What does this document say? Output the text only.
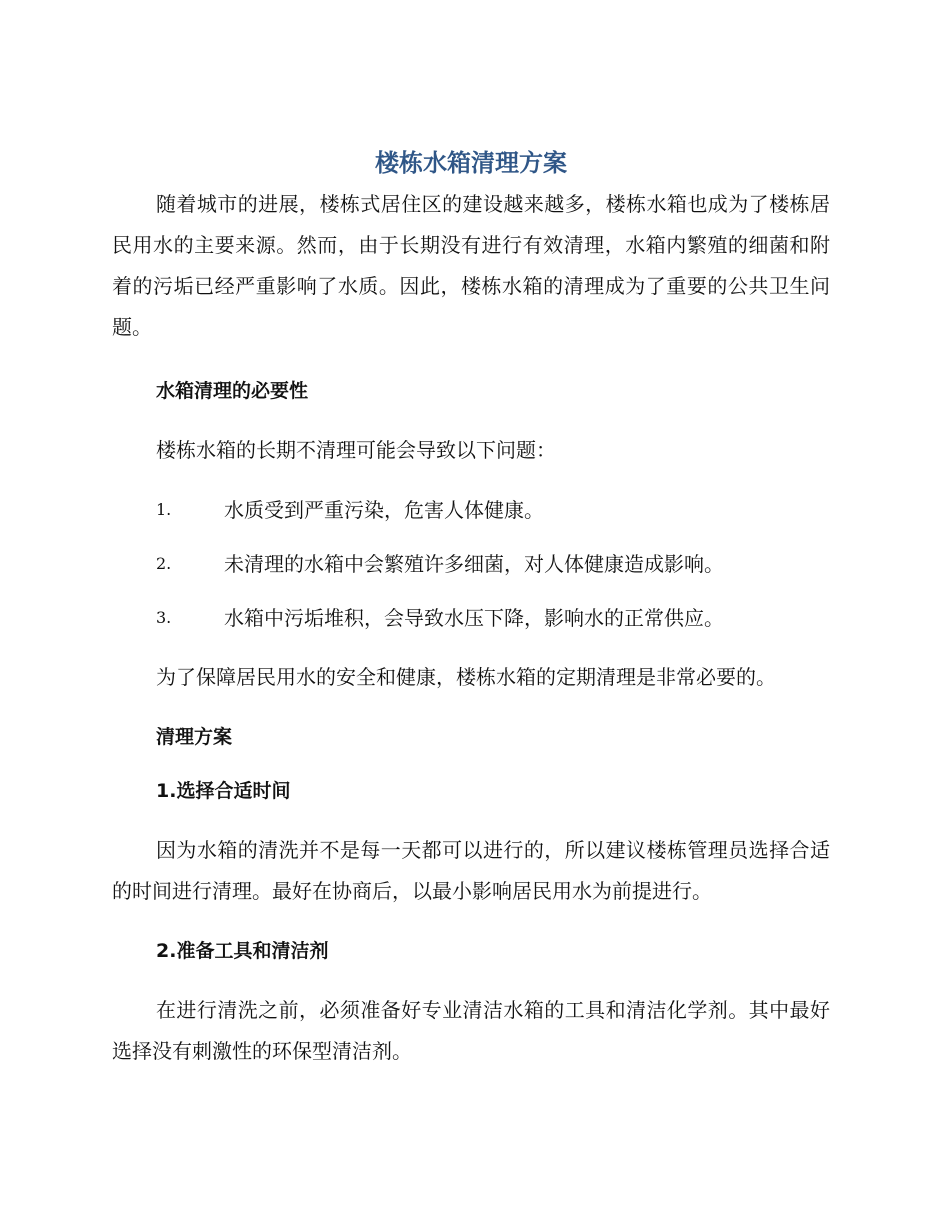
楼栋水箱清理方案

随着城市的进展，楼栋式居住区的建设越来越多，楼栋水箱也成为了楼栋居民用水的主要来源。然而，由于长期没有进行有效清理，水箱内繁殖的细菌和附着的污垢已经严重影响了水质。因此，楼栋水箱的清理成为了重要的公共卫生问题。

水箱清理的必要性

楼栋水箱的长期不清理可能会导致以下问题：

1.	水质受到严重污染，危害人体健康。
2.	未清理的水箱中会繁殖许多细菌，对人体健康造成影响。
3.	水箱中污垢堆积，会导致水压下降，影响水的正常供应。

为了保障居民用水的安全和健康，楼栋水箱的定期清理是非常必要的。

清理方案

1.选择合适时间

因为水箱的清洗并不是每一天都可以进行的，所以建议楼栋管理员选择合适的时间进行清理。最好在协商后，以最小影响居民用水为前提进行。

2.准备工具和清洁剂

在进行清洗之前，必须准备好专业清洁水箱的工具和清洁化学剂。其中最好选择没有刺激性的环保型清洁剂。
